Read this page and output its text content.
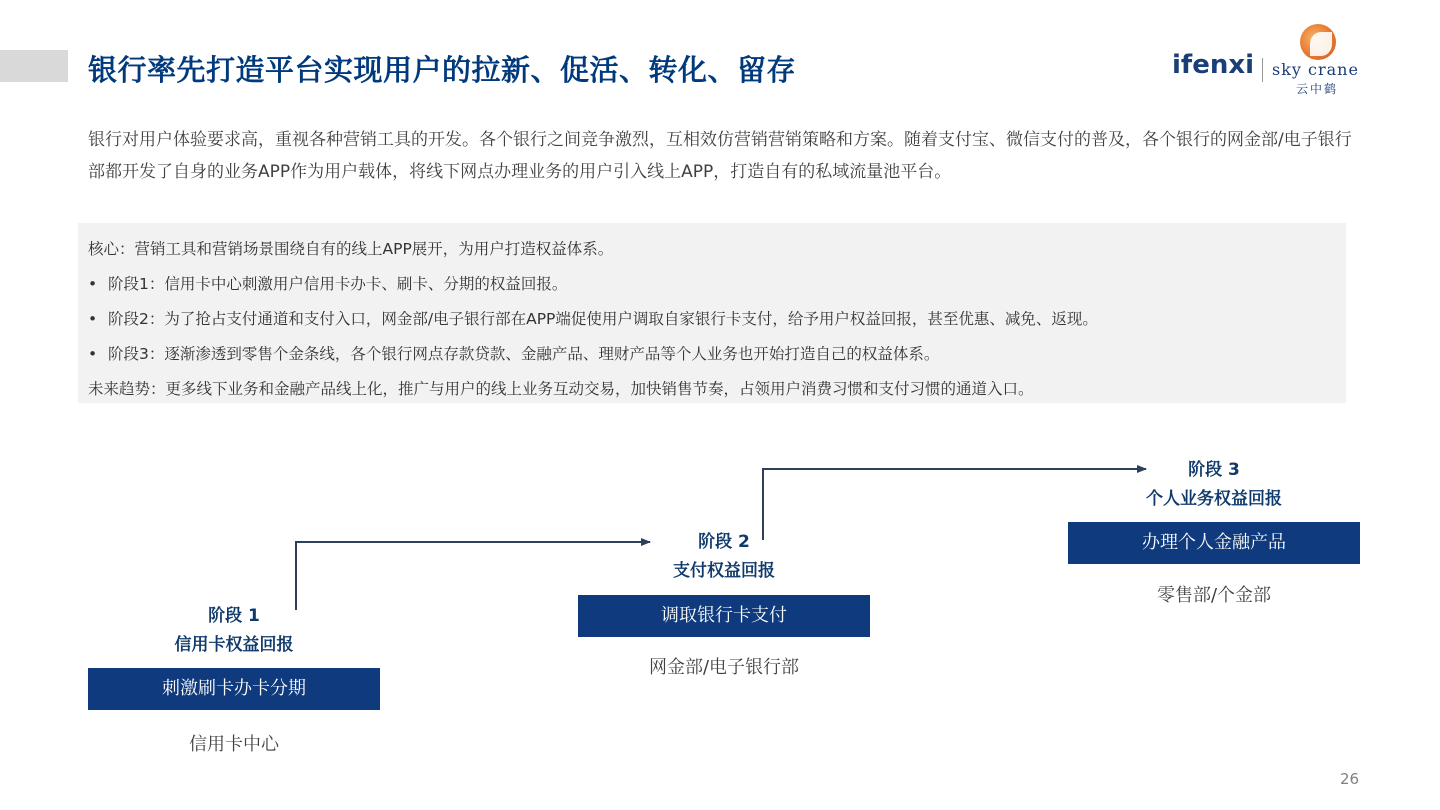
银行率先打造平台实现用户的拉新、促活、转化、留存	ifenxi sky crane
云中鹤

银行对用户体验要求高，重视各种营销工具的开发。各个银行之间竞争激烈，互相效仿营销营销策略和方案。随着支付宝、微信支付的普及，各个银行的网金部/电子银行部都开发了自身的业务APP作为用户载体，将线下网点办理业务的用户引入线上APP，打造自有的私域流量池平台。

核心：营销工具和营销场景围绕自有的线上APP展开，为用户打造权益体系。
• 阶段1：信用卡中心刺激用户信用卡办卡、刷卡、分期的权益回报。
• 阶段2：为了抢占支付通道和支付入口，网金部/电子银行部在APP端促使用户调取自家银行卡支付，给予用户权益回报，甚至优惠、减免、返现。
• 阶段3：逐渐渗透到零售个金条线，各个银行网点存款贷款、金融产品、理财产品等个人业务也开始打造自己的权益体系。
未来趋势：更多线下业务和金融产品线上化，推广与用户的线上业务互动交易，加快销售节奏，占领用户消费习惯和支付习惯的通道入口。
阶段 1
信用卡权益回报
刺激刷卡办卡分期
信用卡中心
阶段 2
支付权益回报
调取银行卡支付
网金部/电子银行部
阶段 3
个人业务权益回报
办理个人金融产品
零售部/个金部
26
